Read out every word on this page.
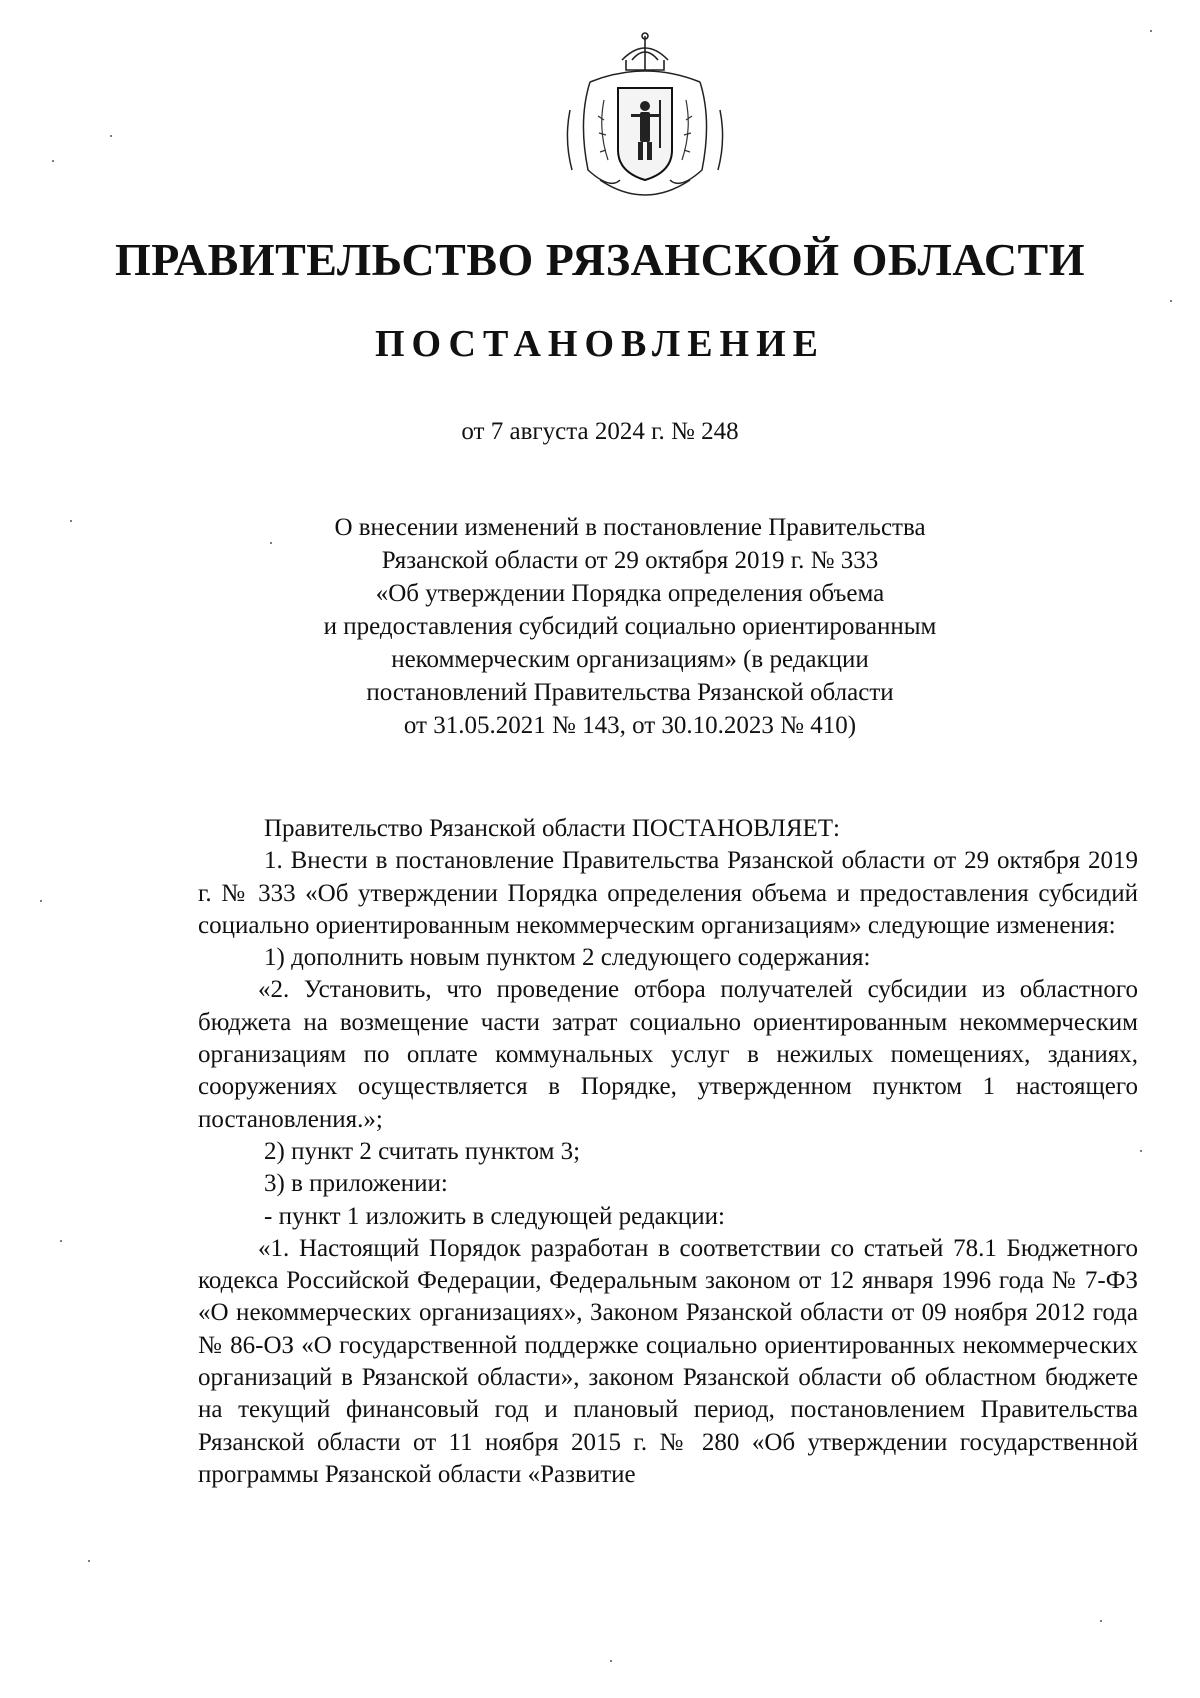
ПРАВИТЕЛЬСТВО РЯЗАНСКОЙ ОБЛАСТИ
ПОСТАНОВЛЕНИЕ
от 7 августа 2024 г. № 248
О внесении изменений в постановление Правительства
Рязанской области от 29 октября 2019 г. № 333
«Об утверждении Порядка определения объема
и предоставления субсидий социально ориентированным
некоммерческим организациям» (в редакции
постановлений Правительства Рязанской области
от 31.05.2021 № 143, от 30.10.2023 № 410)

Правительство Рязанской области ПОСТАНОВЛЯЕТ:

1. Внести в постановление Правительства Рязанской области от 29 октября 2019 г. № 333 «Об утверждении Порядка определения объема и предоставления субсидий социально ориентированным некоммерческим организациям» следующие изменения:

1) дополнить новым пунктом 2 следующего содержания:

«2. Установить, что проведение отбора получателей субсидии из областного бюджета на возмещение части затрат социально ориентированным некоммерческим организациям по оплате коммунальных услуг в нежилых помещениях, зданиях, сооружениях осуществляется в Порядке, утвержденном пунктом 1 настоящего постановления.»;

2) пункт 2 считать пунктом 3;

3) в приложении:

- пункт 1 изложить в следующей редакции:

«1. Настоящий Порядок разработан в соответствии со статьей 78.1 Бюджетного кодекса Российской Федерации, Федеральным законом от 12 января 1996 года № 7-ФЗ «О некоммерческих организациях», Законом Рязанской области от 09 ноября 2012 года № 86-ОЗ «О государственной поддержке социально ориентированных некоммерческих организаций в Рязанской области», законом Рязанской области об областном бюджете на текущий финансовый год и плановый период, постановлением Правительства Рязанской области от 11 ноября 2015 г. № 280 «Об утверждении государственной программы Рязанской области «Развитие
